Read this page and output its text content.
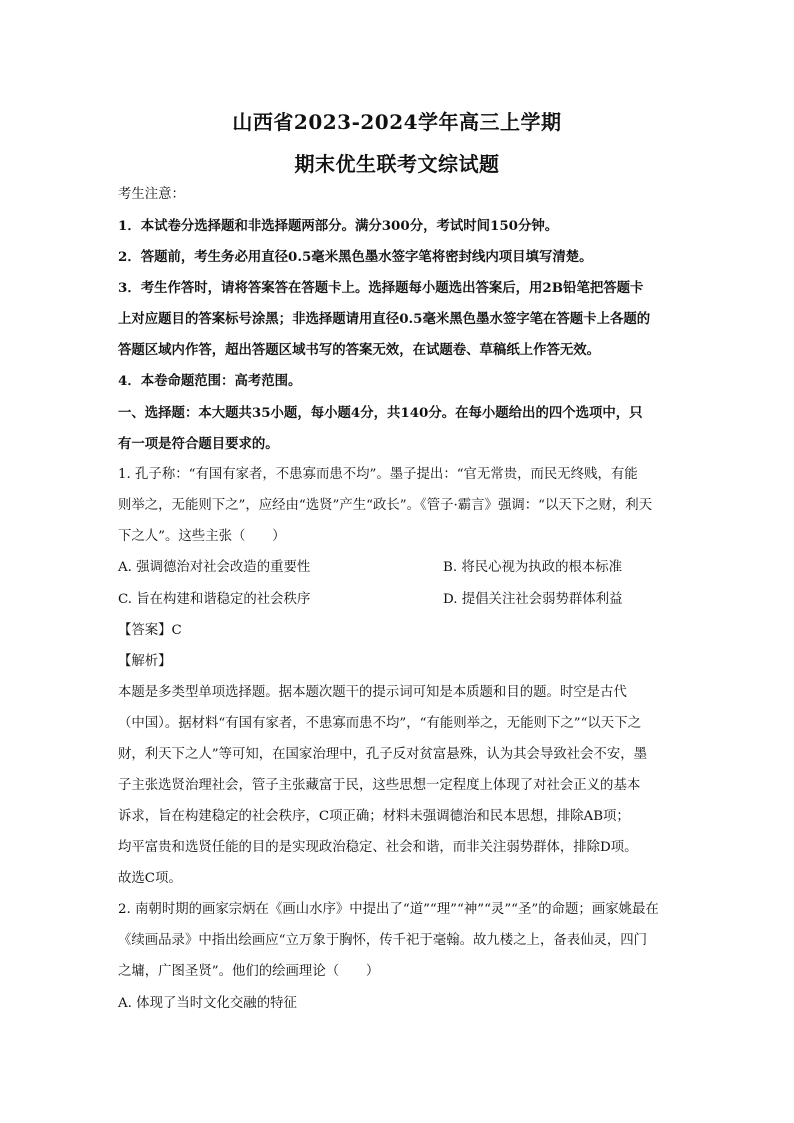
山西省2023-2024学年高三上学期
期末优生联考文综试题
考生注意：
1．本试卷分选择题和非选择题两部分。满分300分，考试时间150分钟。
2．答题前，考生务必用直径0.5毫米黑色墨水签字笔将密封线内项目填写清楚。
3．考生作答时，请将答案答在答题卡上。选择题每小题选出答案后，用2B铅笔把答题卡
上对应题目的答案标号涂黑；非选择题请用直径0.5毫米黑色墨水签字笔在答题卡上各题的
答题区域内作答，超出答题区域书写的答案无效，在试题卷、草稿纸上作答无效。
4．本卷命题范围：高考范围。
一、选择题：本大题共35小题，每小题4分，共140分。在每小题给出的四个选项中，只
有一项是符合题目要求的。
1. 孔子称：“有国有家者，不患寡而患不均”。墨子提出：“官无常贵，而民无终贱，有能
则举之，无能则下之”，应经由“选贤”产生“政长”。《管子·霸言》强调：“以天下之财，利天
下之人”。这些主张（　　）
A. 强调德治对社会改造的重要性	B. 将民心视为执政的根本标准
C. 旨在构建和谐稳定的社会秩序	D. 提倡关注社会弱势群体利益
【答案】C
【解析】
本题是多类型单项选择题。据本题次题干的提示词可知是本质题和目的题。时空是古代
（中国）。据材料“有国有家者，不患寡而患不均”，“有能则举之，无能则下之”“以天下之
财，利天下之人”等可知，在国家治理中，孔子反对贫富悬殊，认为其会导致社会不安，墨
子主张选贤治理社会，管子主张藏富于民，这些思想一定程度上体现了对社会正义的基本
诉求，旨在构建稳定的社会秩序，C项正确；材料未强调德治和民本思想，排除AB项；
均平富贵和选贤任能的目的是实现政治稳定、社会和谐，而非关注弱势群体，排除D项。
故选C项。
2. 南朝时期的画家宗炳在《画山水序》中提出了“道”“理”“神”“灵”“圣”的命题；画家姚最在
《续画品录》中指出绘画应“立万象于胸怀，传千祀于毫翰。故九楼之上，备表仙灵，四门
之墉，广图圣贤”。他们的绘画理论（　　）
A. 体现了当时文化交融的特征
